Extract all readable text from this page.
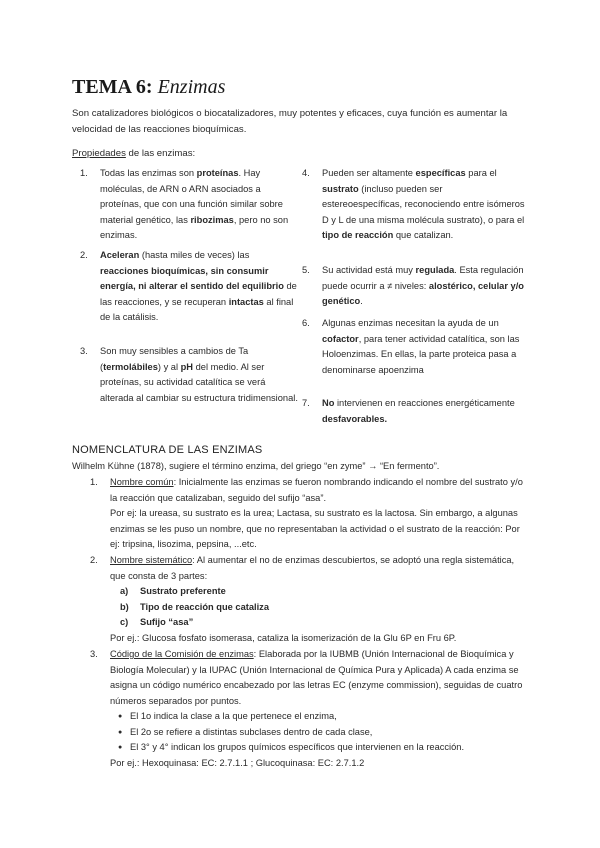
TEMA 6: Enzimas
Son catalizadores biológicos o biocatalizadores, muy potentes y eficaces, cuya función es aumentar la velocidad de las reacciones bioquímicas.
Propiedades de las enzimas:
1. Todas las enzimas son proteínas. Hay moléculas, de ARN o ARN asociados a proteínas, que con una función similar sobre material genético, las ribozimas, pero no son enzimas.
2. Aceleran (hasta miles de veces) las reacciones bioquímicas, sin consumir energía, ni alterar el sentido del equilibrio de las reacciones, y se recuperan intactas al final de la catálisis.
3. Son muy sensibles a cambios de Ta (termolábiles) y al pH del medio. Al ser proteínas, su actividad catalítica se verá alterada al cambiar su estructura tridimensional.
4. Pueden ser altamente específicas para el sustrato (incluso pueden ser estereoespecíficas, reconociendo entre isómeros D y L de una misma molécula sustrato), o para el tipo de reacción que catalizan.
5. Su actividad está muy regulada. Esta regulación puede ocurrir a ≠ niveles: alostérico, celular y/o genético.
6. Algunas enzimas necesitan la ayuda de un cofactor, para tener actividad catalítica, son las Holoenzimas. En ellas, la parte proteica pasa a denominarse apoenzima
7. No intervienen en reacciones energéticamente desfavorables.
NOMENCLATURA DE LAS ENZIMAS
Wilhelm Kühne (1878), sugiere el término enzima, del griego “en zyme” → “En fermento”.
1. Nombre común: Inicialmente las enzimas se fueron nombrando indicando el nombre del sustrato y/o la reacción que catalizaban, seguido del sufijo “asa”.
Por ej: la ureasa, su sustrato es la urea; Lactasa, su sustrato es la lactosa. Sin embargo, a algunas enzimas se les puso un nombre, que no representaban la actividad o el sustrato de la reacción: Por ej: tripsina, lisozima, pepsina, ...etc.
2. Nombre sistemático: Al aumentar el no de enzimas descubiertos, se adoptó una regla sistemática, que consta de 3 partes:
a) Sustrato preferente
b) Tipo de reacción que cataliza
c) Sufijo “asa”
Por ej.: Glucosa fosfato isomerasa, cataliza la isomerización de la Glu 6P en Fru 6P.
3. Código de la Comisión de enzimas: Elaborada por la IUBMB (Unión Internacional de Bioquímica y Biología Molecular) y la IUPAC (Unión Internacional de Química Pura y Aplicada) A cada enzima se asigna un código numérico encabezado por las letras EC (enzyme commission), seguidas de cuatro números separados por puntos.
● El 1o indica la clase a la que pertenece el enzima,
● El 2o se refiere a distintas subclases dentro de cada clase,
● El 3° y 4° indican los grupos químicos específicos que intervienen en la reacción.
Por ej.: Hexoquinasa: EC: 2.7.1.1 ; Glucoquinasa: EC: 2.7.1.2
